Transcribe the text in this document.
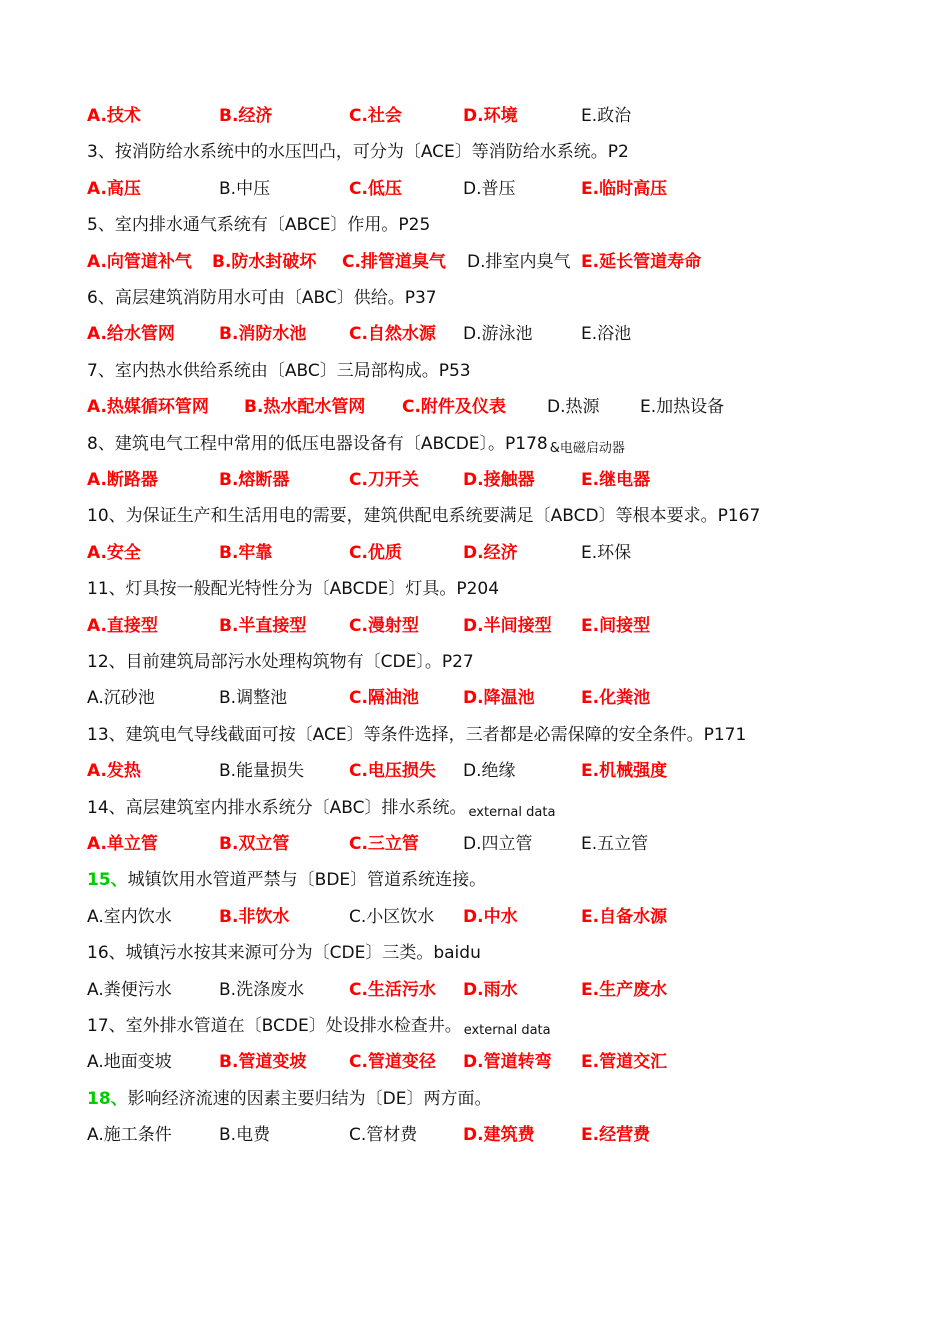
A.技术	B.经济	C.社会	D.环境	E.政治
3、按消防给水系统中的水压凹凸，可分为〔ACE〕等消防给水系统。P2
A.高压	B.中压	C.低压	D.普压	E.临时高压
5、室内排水通气系统有〔ABCE〕作用。P25
A.向管道补气 B.防水封破坏 C.排管道臭气 D.排室内臭气 E.延长管道寿命
6、高层建筑消防用水可由〔ABC〕供给。P37
A.给水管网	B.消防水池	C.自然水源 D.游泳池	E.浴池
7、室内热水供给系统由〔ABC〕三局部构成。P53
A.热媒循环管网 B.热水配水管网 C.附件及仪表 D.热源 E.加热设备
8、建筑电气工程中常用的低压电器设备有〔ABCDE〕。P178 &电磁启动器
A.断路器	B.熔断器	C.刀开关	D.接触器	E.继电器
10、为保证生产和生活用电的需要，建筑供配电系统要满足〔ABCD〕等根本要求。P167
A.安全	B.牢靠	C.优质	D.经济	E.环保
11、灯具按一般配光特性分为〔ABCDE〕灯具。P204
A.直接型	B.半直接型	C.漫射型	D.半间接型 E.间接型
12、目前建筑局部污水处理构筑物有〔CDE〕。P27
A.沉砂池	B.调整池	C.隔油池	D.降温池	E.化粪池
13、建筑电气导线截面可按〔ACE〕等条件选择，三者都是必需保障的安全条件。P171
A.发热	B.能量损失	C.电压损失 D.绝缘	E.机械强度
14、高层建筑室内排水系统分〔ABC〕排水系统。 external data
A.单立管	B.双立管	C.三立管	D.四立管	E.五立管
15、城镇饮用水管道严禁与〔BDE〕管道系统连接。
A.室内饮水	B.非饮水	C.小区饮水 D.中水	E.自备水源
16、城镇污水按其来源可分为〔CDE〕三类。baidu
A.粪便污水	B.洗涤废水	C.生活污水 D.雨水	E.生产废水
17、室外排水管道在〔BCDE〕处设排水检查井。 external data
A.地面变坡	B.管道变坡	C.管道变径 D.管道转弯 E.管道交汇
18、影响经济流速的因素主要归结为〔DE〕两方面。
A.施工条件	B.电费	C.管材费	D.建筑费	E.经营费
